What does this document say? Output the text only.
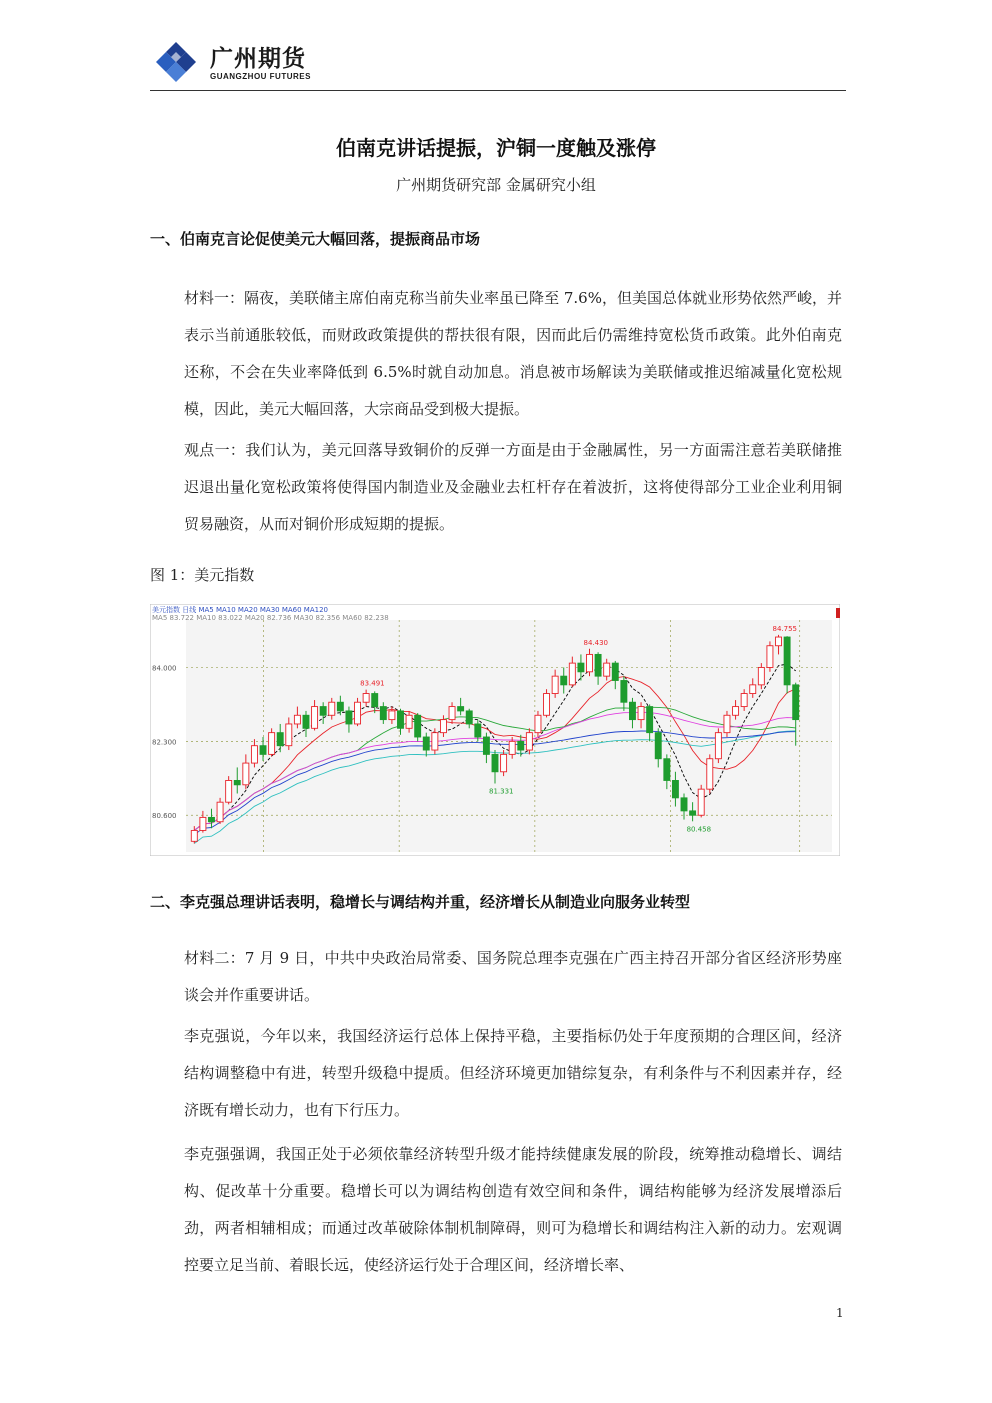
广州期货
GUANGZHOU FUTURES
伯南克讲话提振，沪铜一度触及涨停
广州期货研究部 金属研究小组
一、伯南克言论促使美元大幅回落，提振商品市场
材料一：隔夜，美联储主席伯南克称当前失业率虽已降至 7.6%，但美国总体就业形势依然严峻，并表示当前通胀较低，而财政政策提供的帮扶很有限，因而此后仍需维持宽松货币政策。此外伯南克还称，不会在失业率降低到 6.5%时就自动加息。消息被市场解读为美联储或推迟缩减量化宽松规模，因此，美元大幅回落，大宗商品受到极大提振。
观点一：我们认为，美元回落导致铜价的反弹一方面是由于金融属性，另一方面需注意若美联储推迟退出量化宽松政策将使得国内制造业及金融业去杠杆存在着波折，这将使得部分工业企业利用铜贸易融资，从而对铜价形成短期的提振。
图 1：美元指数
美元指数 日线 MA5 MA10 MA20 MA30 MA60 MA120
MA5 83.722 MA10 83.022 MA20 82.736 MA30 82.356 MA60 82.238
84.000
82.300
80.600
83.491
81.331
84.430
80.458
84.755
二、李克强总理讲话表明，稳增长与调结构并重，经济增长从制造业向服务业转型
材料二：7 月 9 日，中共中央政治局常委、国务院总理李克强在广西主持召开部分省区经济形势座谈会并作重要讲话。
李克强说，今年以来，我国经济运行总体上保持平稳，主要指标仍处于年度预期的合理区间，经济结构调整稳中有进，转型升级稳中提质。但经济环境更加错综复杂，有利条件与不利因素并存，经济既有增长动力，也有下行压力。
李克强强调，我国正处于必须依靠经济转型升级才能持续健康发展的阶段，统筹推动稳增长、调结构、促改革十分重要。稳增长可以为调结构创造有效空间和条件，调结构能够为经济发展增添后劲，两者相辅相成；而通过改革破除体制机制障碍，则可为稳增长和调结构注入新的动力。宏观调控要立足当前、着眼长远，使经济运行处于合理区间，经济增长率、
1
